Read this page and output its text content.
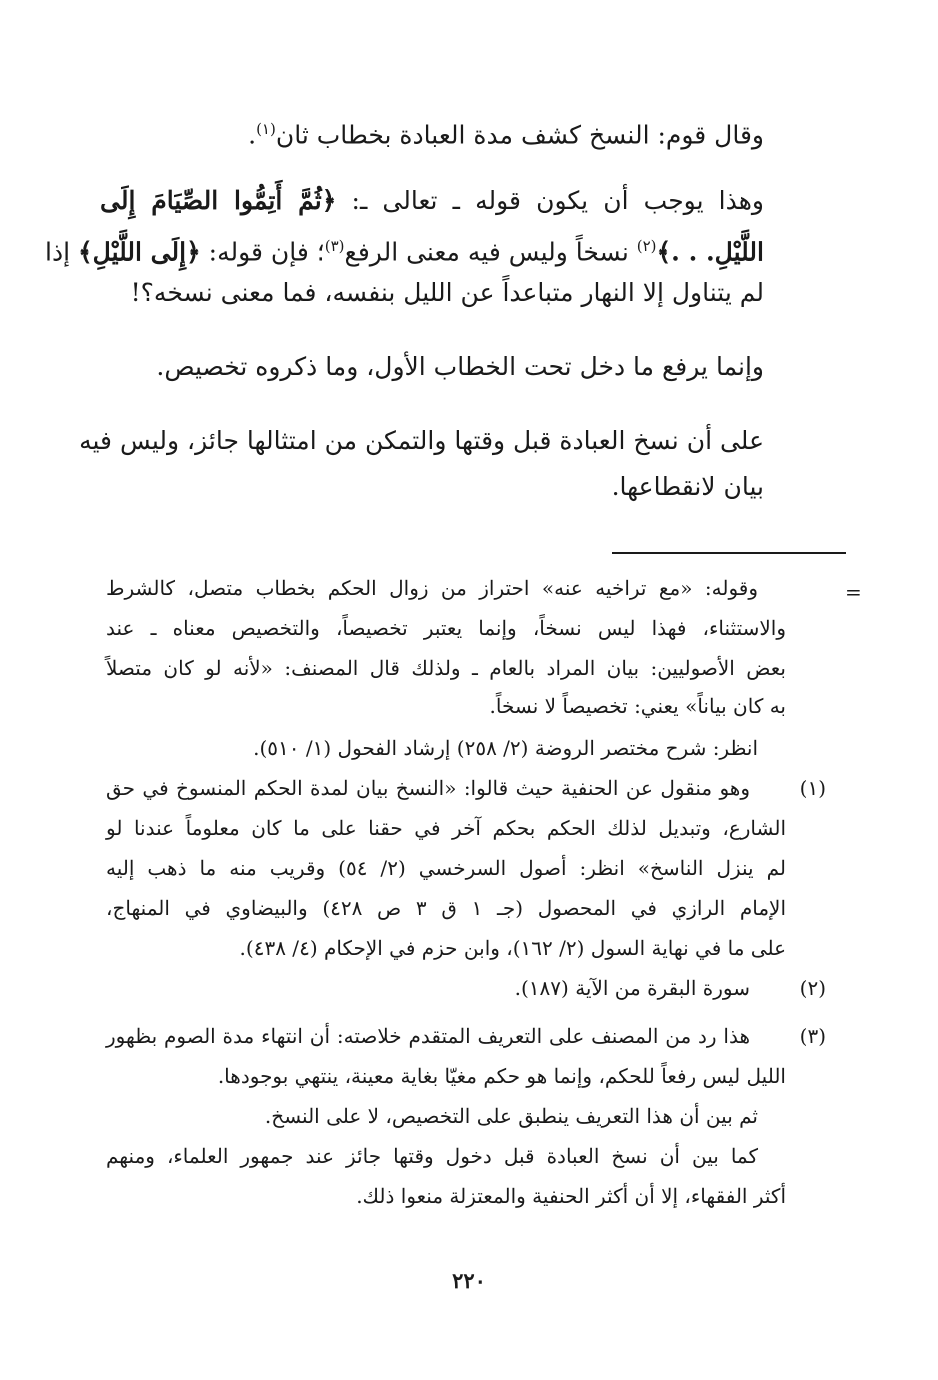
وقال قوم: النسخ كشف مدة العبادة بخطاب ثان$^{(١)}$.
وهذا يوجب أن يكون قوله ـ تعالى ـ: ﴿ثُمَّ أَتِمُّوا الصِّيَامَ إِلَى
اللَّيْلِ. . .﴾$^{(٢)}$ نسخاً وليس فيه معنى الرفع$^{(٣)}$؛ فإن قوله: ﴿إِلَى اللَّيْلِ﴾ إذا
لم يتناول إلا النهار متباعداً عن الليل بنفسه، فما معنى نسخه؟!
وإنما يرفع ما دخل تحت الخطاب الأول، وما ذكروه تخصيص.
على أن نسخ العبادة قبل وقتها والتمكن من امتثالها جائز، وليس فيه
بيان لانقطاعها.
=
وقوله: «مع تراخيه عنه» احتراز من زوال الحكم بخطاب متصل، كالشرط
والاستثناء، فهذا ليس نسخاً، وإنما يعتبر تخصيصاً، والتخصيص معناه ـ عند
بعض الأصوليين: بيان المراد بالعام ـ ولذلك قال المصنف: «لأنه لو كان متصلاً
به كان بياناً» يعني: تخصيصاً لا نسخاً.
انظر: شرح مختصر الروضة (٢/ ٢٥٨) إرشاد الفحول (١/ ٥١٠).
(١)
وهو منقول عن الحنفية حيث قالوا: «النسخ بيان لمدة الحكم المنسوخ في حق
الشارع، وتبديل لذلك الحكم بحكم آخر في حقنا على ما كان معلوماً عندنا لو
لم ينزل الناسخ» انظر: أصول السرخسي (٢/ ٥٤) وقريب منه ما ذهب إليه
الإمام الرازي في المحصول (جـ ١ ق ٣ ص ٤٢٨) والبيضاوي في المنهاج،
على ما في نهاية السول (٢/ ١٦٢)، وابن حزم في الإحكام (٤/ ٤٣٨).
(٢)
سورة البقرة من الآية (١٨٧).
(٣)
هذا رد من المصنف على التعريف المتقدم خلاصته: أن انتهاء مدة الصوم بظهور
الليل ليس رفعاً للحكم، وإنما هو حكم مغيّا بغاية معينة، ينتهي بوجودها.
ثم بين أن هذا التعريف ينطبق على التخصيص، لا على النسخ.
كما بين أن نسخ العبادة قبل دخول وقتها جائز عند جمهور العلماء، ومنهم
أكثر الفقهاء، إلا أن أكثر الحنفية والمعتزلة منعوا ذلك.
٢٢٠
